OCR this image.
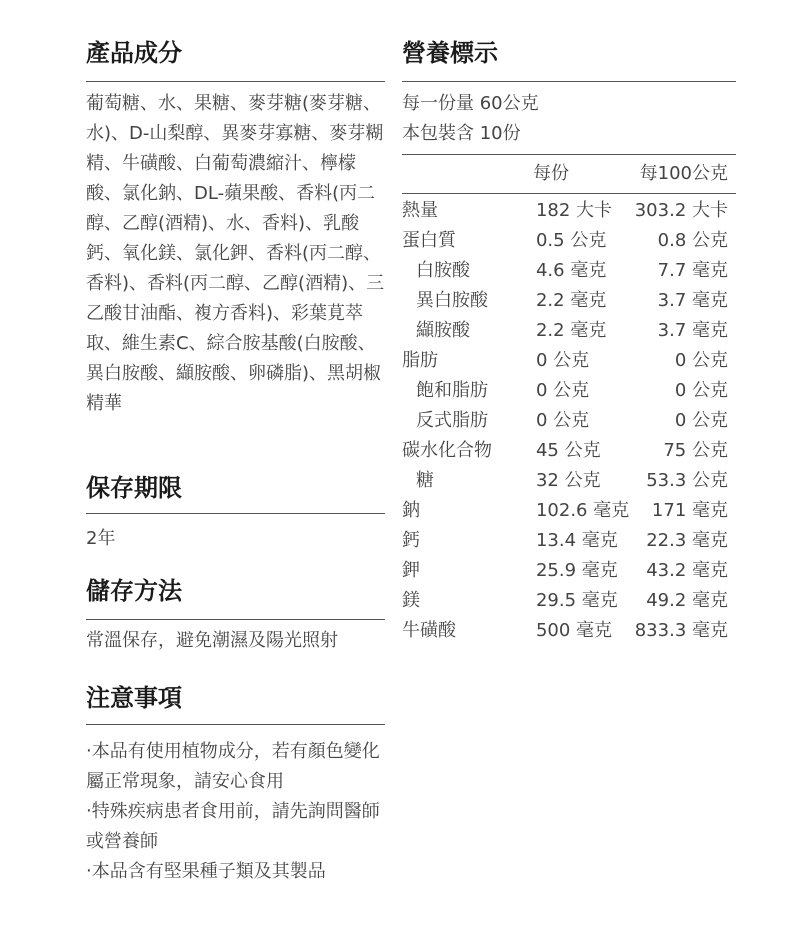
產品成分

葡萄糖、水、果糖、麥芽糖(麥芽糖、水)、D-山梨醇、異麥芽寡糖、麥芽糊精、牛磺酸、白葡萄濃縮汁、檸檬酸、氯化鈉、DL-蘋果酸、香料(丙二醇、乙醇(酒精)、水、香料)、乳酸鈣、氧化鎂、氯化鉀、香料(丙二醇、香料)、香料(丙二醇、乙醇(酒精)、三乙酸甘油酯、複方香料)、彩葉莧萃取、維生素C、綜合胺基酸(白胺酸、異白胺酸、纈胺酸、卵磷脂)、黑胡椒精華

保存期限

2年

儲存方法

常溫保存，避免潮濕及陽光照射

注意事項
‧本品有使用植物成分，若有顏色變化屬正常現象，請安心食用
‧特殊疾病患者食用前，請先詢問醫師或營養師
‧本品含有堅果種子類及其製品
營養標示

每一份量 60公克

本包裝含 10份

每份	每100公克

熱量	182 大卡	303.2 大卡
蛋白質	0.5 公克	0.8 公克
白胺酸	4.6 毫克	7.7 毫克
異白胺酸	2.2 毫克	3.7 毫克
纈胺酸	2.2 毫克	3.7 毫克
脂肪	0 公克	0 公克
飽和脂肪	0 公克	0 公克
反式脂肪	0 公克	0 公克
碳水化合物	45 公克	75 公克
糖	32 公克	53.3 公克
鈉	102.6 毫克	171 毫克
鈣	13.4 毫克	22.3 毫克
鉀	25.9 毫克	43.2 毫克
鎂	29.5 毫克	49.2 毫克
牛磺酸	500 毫克	833.3 毫克
